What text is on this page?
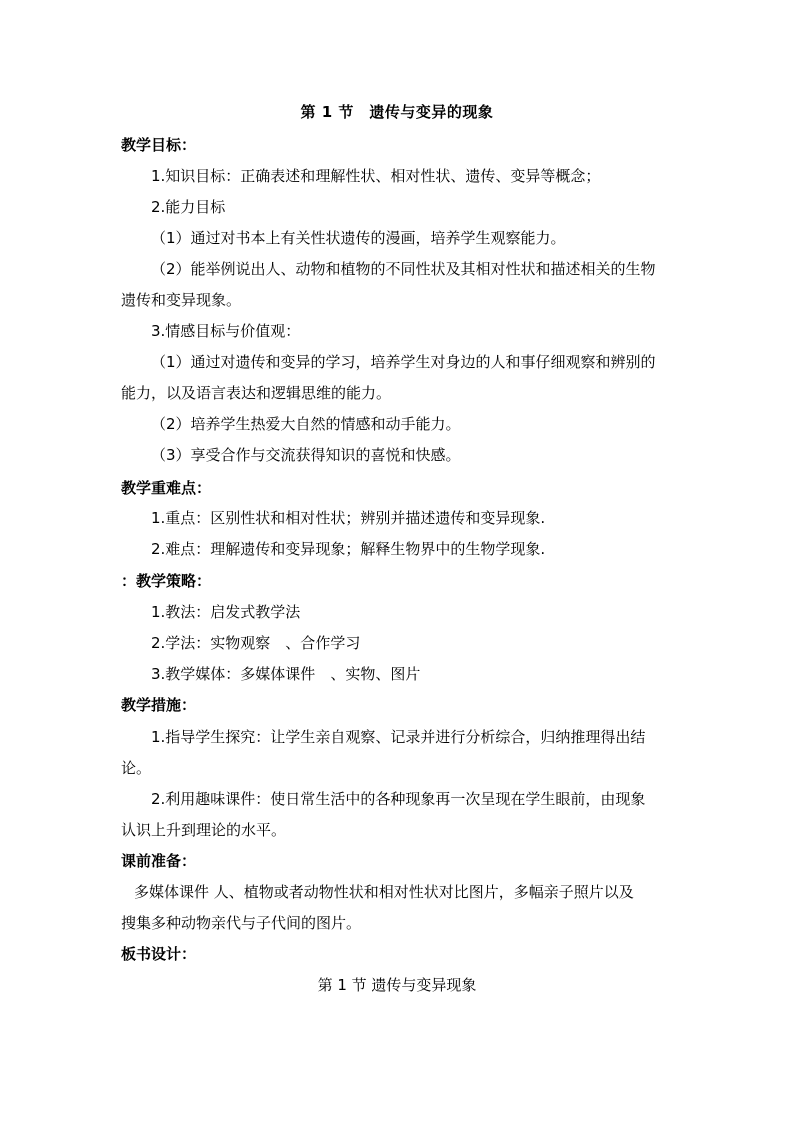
第 1 节　遗传与变异的现象
教学目标：
1.知识目标：正确表述和理解性状、相对性状、遗传、变异等概念；
2.能力目标
（1）通过对书本上有关性状遗传的漫画，培养学生观察能力。
（2）能举例说出人、动物和植物的不同性状及其相对性状和描述相关的生物
遗传和变异现象。
3.情感目标与价值观：
（1）通过对遗传和变异的学习，培养学生对身边的人和事仔细观察和辨别的
能力，以及语言表达和逻辑思维的能力。
（2）培养学生热爱大自然的情感和动手能力。
（3）享受合作与交流获得知识的喜悦和快感。
教学重难点：
1.重点：区别性状和相对性状；辨别并描述遗传和变异现象.
2.难点：理解遗传和变异现象；解释生物界中的生物学现象.
：教学策略：
1.教法：启发式教学法
2.学法：实物观察　、合作学习
3.教学媒体：多媒体课件　、实物、图片
教学措施：
1.指导学生探究：让学生亲自观察、记录并进行分析综合，归纳推理得出结
论。
2.利用趣味课件：使日常生活中的各种现象再一次呈现在学生眼前，由现象
认识上升到理论的水平。
课前准备：
多媒体课件 人、植物或者动物性状和相对性状对比图片，多幅亲子照片以及
搜集多种动物亲代与子代间的图片。
板书设计：
第 1 节 遗传与变异现象
